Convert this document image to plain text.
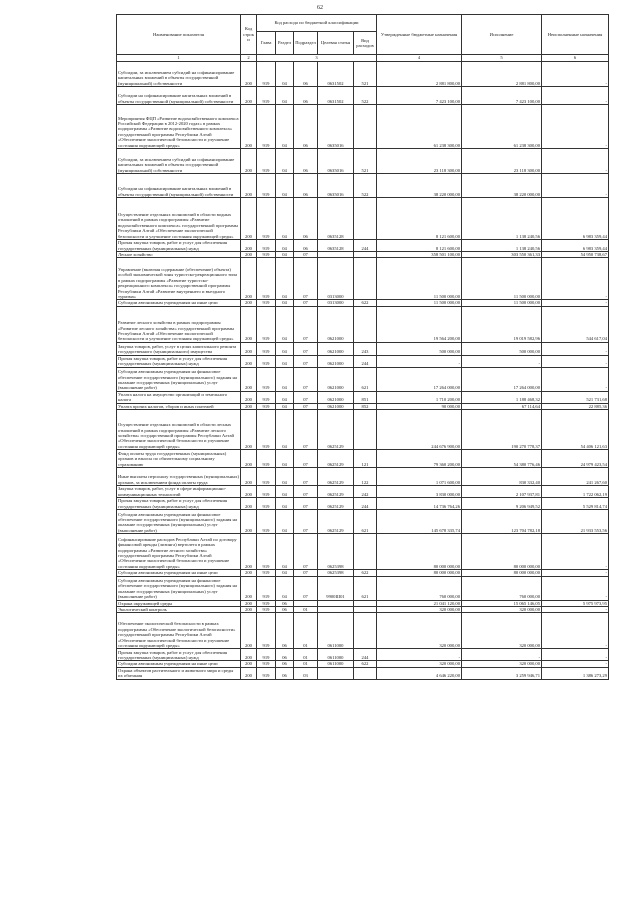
62
Наименование показателя	Код строки	Код расхода по бюджетной классификации					Утвержденные бюджетные назначения	Исполнение	Неисполненные назначения
		Глава	Раздел	Подраздел	Целевая статья	Вид расходов			
1	2	3					4	5	6
Субсидии, за исключением субсидий на софинансирование капитальных вложений в объекты государственной (муниципальной) собственности	200	919	04	06	0631502	521	2 881 800,00	2 881 800,00	-
Субсидии на софинансирование капитальных вложений в объекты государственной (муниципальной) собственности	200	919	04	06	0631502	522	7 423 100,00	7 423 100,00	-
Мероприятия ФЦП «Развитие водохозяйственного комплекса Российской Федерации в 2012-2020 годах» в рамках подпрограммы «Развитие водохозяйственного комплекса» государственной программы Республики Алтай «Обеспечение экологической безопасности и улучшение состояния окружающей среды»	200	919	04	06	0635016		61 238 300,00	61 238 300,00	-
Субсидии, за исключением субсидий на софинансирование капитальных вложений в объекты государственной (муниципальной) собственности	200	919	04	06	0635016	521	23 118 300,00	23 118 300,00	-
Субсидии на софинансирование капитальных вложений в объекты государственной (муниципальной) собственности	200	919	04	06	0635016	522	38 220 000,00	38 220 000,00	-
Осуществление отдельных полномочий в области водных отношений в рамках подпрограммы «Развитие водохозяйственного комплекса» государственной программы Республики Алтай «Обеспечение экологической безопасности и улучшение состояния окружающей среды»	200	919	04	06	0635128		8 121 600,00	1 138 240,56	6 983 359,44
Прочая закупка товаров, работ и услуг для обеспечения государственных (муниципальных) нужд	200	919	04	06	0635128	244	8 121 600,00	1 138 240,56	6 983 359,44
Лесное хозяйство	200	919	04	07			358 501 100,00	303 550 361,33	54 950 738,67
Управление (включая содержание (обеспечение) объекта) особой экономической зоны туристско-рекреационного типа в рамках подпрограммы «Развитие туристско-рекреационного комплекса» государственной программы Республики Алтай «Развитие внутреннего и въездного туризма»	200	919	04	07	0313000		11 500 000,00	11 500 000,00	-
Субсидии автономным учреждениям на иные цели	200	919	04	07	0313000	622	11 500 000,00	11 500 000,00	-
Развитие лесного хозяйства в рамках подпрограммы «Развитие лесного хозяйства» государственной программы Республики Алтай «Обеспечение экологической безопасности и улучшение состояния окружающей среды»	200	919	04	07	0621000		19 564 200,00	19 019 582,96	544 617,04
Закупка товаров, работ, услуг в целях капитального ремонта государственного (муниципального) имущества	200	919	04	07	0621000	243	500 000,00	500 000,00	-
Прочая закупка товаров, работ и услуг для обеспечения государственных (муниципальных) нужд	200	919	04	07	0621000	244	-	-	-
Субсидии автономным учреждениям на финансовое обеспечение государственного (муниципального) задания на оказание государственных (муниципальных) услуг (выполнение работ)	200	919	04	07	0621000	621	17 264 000,00	17 264 000,00	-
Уплата налога на имущество организаций и земельного налога	200	919	04	07	0621000	851	1 710 200,00	1 188 468,32	521 731,68
Уплата прочих налогов, сборов и иных платежей	200	919	04	07	0621000	852	90 000,00	67 114,64	22 885,36
Осуществление отдельных полномочий в области лесных отношений в рамках подпрограммы «Развитие лесного хозяйства» государственной программы Республики Алтай «Обеспечение экологической безопасности и улучшение состояния окружающей среды»	200	919	04	07	0625129		244 676 900,00	190 270 778,37	54 406 121,63
Фонд оплаты труда государственных (муниципальных) органов и взносы по обязательному социальному страхованию	200	919	04	07	0625129	121	79 360 200,00	54 380 776,46	24 979 423,54
Иные выплаты персоналу государственных (муниципальных) органов, за исключением фонда оплаты труда	200	919	04	07	0625129	122	1 071 600,00	830 332,40	241 267,60
Закупка товаров, работ, услуг в сфере информационно-коммуникационных технологий	200	919	04	07	0625129	242	3 830 000,00	2 107 937,81	1 722 062,19
Прочая закупка товаров, работ и услуг для обеспечения государственных (муниципальных) нужд	200	919	04	07	0625129	244	14 736 764,26	9 206 949,52	5 529 814,74
Субсидии автономным учреждениям на финансовое обеспечение государственного (муниципального) задания на оказание государственных (муниципальных) услуг (выполнение работ)	200	919	04	07	0625129	621	145 678 335,74	123 704 782,18	21 933 553,56
Софинансирование расходов Республики Алтай по договору финансовой аренды (лизинга) вертолета в рамках подпрограммы «Развитие лесного хозяйства» государственной программы Республики Алтай «Обеспечение экологической безопасности и улучшение состояния окружающей среды»	200	919	04	07	0625398		80 000 000,00	80 000 000,00	-
Субсидии автономным учреждениям на иные цели	200	919	04	07	0625398	622	80 000 000,00	80 000 000,00	-
Субсидии автономным учреждениям на финансовое обеспечение государственного (муниципального) задания на оказание государственных (муниципальных) услуг (выполнение работ)	200	919	04	07	9900Ш01	621	760 000,00	760 000,00	-
Охрана окружающей среды	200	919	06				21 041 120,00	15 065 146,05	5 975 973,95
Экологический контроль	200	919	06	01			320 000,00	320 000,00	-
Обеспечение экологической безопасности в рамках подпрограммы «Обеспечение экологической безопасности» государственной программы Республики Алтай «Обеспечение экологической безопасности и улучшение состояния окружающей среды»	200	919	06	01	0611000		320 000,00	320 000,00	-
Прочая закупка товаров, работ и услуг для обеспечения государственных (муниципальных) нужд	200	919	06	01	0611000	244	-	-	-
Субсидии автономным учреждениям на иные цели	200	919	06	01	0611000	622	320 000,00	320 000,00	-
Охрана объектов растительного и животного мира и среды их обитания	200	919	06	03			4 646 220,00	3 259 946,71	1 386 273,29
